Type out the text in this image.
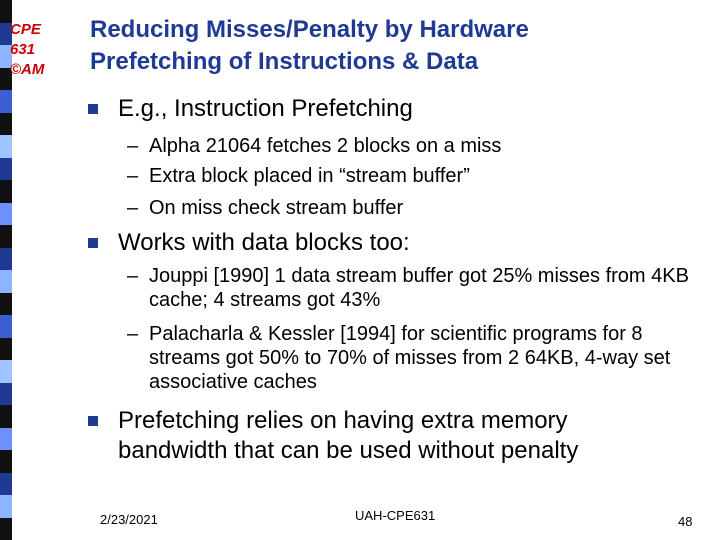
CPE
631
©AM
Reducing Misses/Penalty by Hardware
Prefetching of Instructions & Data
E.g., Instruction Prefetching
– Alpha 21064 fetches 2 blocks on a miss
– Extra block placed in “stream buffer”
– On miss check stream buffer
Works with data blocks too:
– Jouppi [1990] 1 data stream buffer got 25% misses from 4KB cache; 4 streams got 43%
– Palacharla & Kessler [1994] for scientific programs for 8 streams got 50% to 70% of misses from 2 64KB, 4-way set associative caches
Prefetching relies on having extra memory bandwidth that can be used without penalty
2/23/2021	UAH-CPE631	48
